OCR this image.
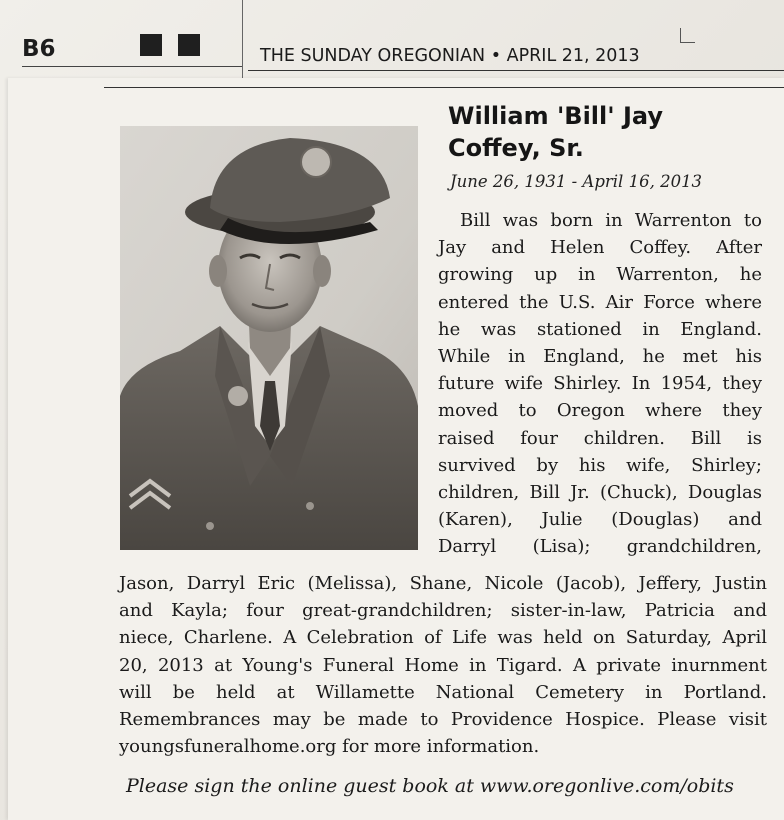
B6	THE SUNDAY OREGONIAN • APRIL 21, 2013
William 'Bill' Jay
Coffey, Sr.
June 26, 1931 - April 16, 2013
Bill was born in Warrenton to
Jay and Helen Coffey. After
growing up in Warrenton, he
entered the U.S. Air Force where
he was stationed in England.
While in England, he met his
future wife Shirley. In 1954, they
moved to Oregon where they
raised four children. Bill is
survived by his wife, Shirley;
children, Bill Jr. (Chuck), Douglas
(Karen), Julie (Douglas) and
Darryl (Lisa); grandchildren,
Jason, Darryl Eric (Melissa), Shane, Nicole (Jacob), Jeffery, Justin
and Kayla; four great-grandchildren; sister-in-law, Patricia and
niece, Charlene. A Celebration of Life was held on Saturday, April
20, 2013 at Young's Funeral Home in Tigard. A private inurnment
will be held at Willamette National Cemetery in Portland.
Remembrances may be made to Providence Hospice. Please visit
youngsfuneralhome.org for more information.
Please sign the online guest book at www.oregonlive.com/obits
